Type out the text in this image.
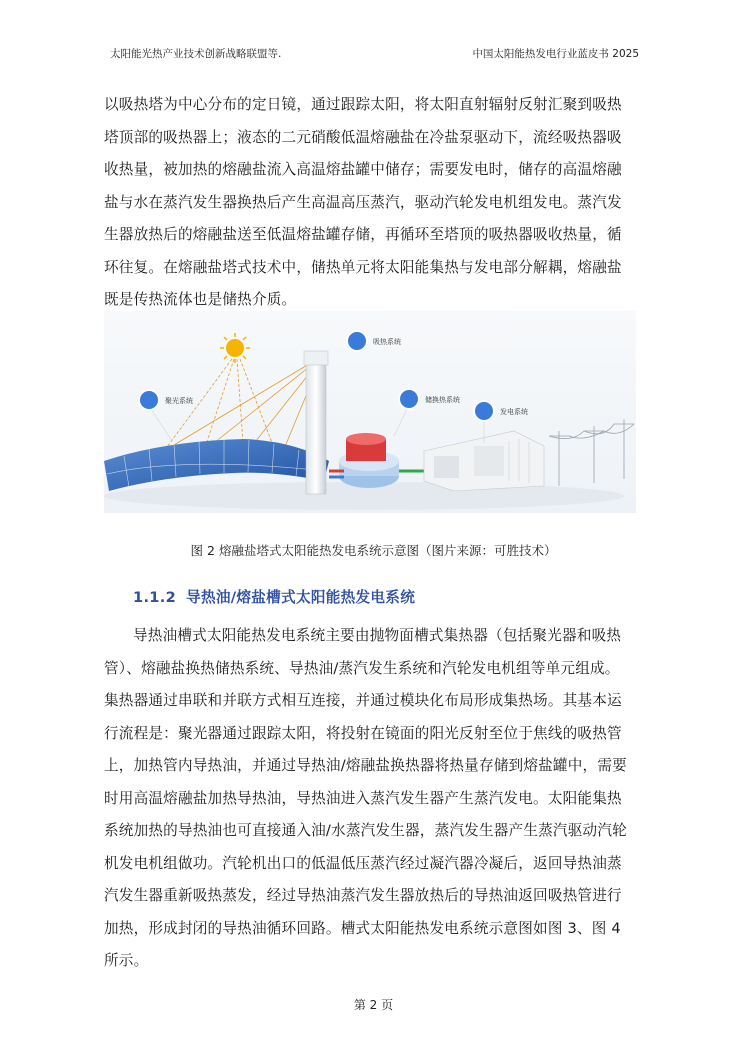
太阳能光热产业技术创新战略联盟等.	中国太阳能热发电行业蓝皮书 2025
以吸热塔为中心分布的定日镜，通过跟踪太阳，将太阳直射辐射反射汇聚到吸热
塔顶部的吸热器上；液态的二元硝酸低温熔融盐在冷盐泵驱动下，流经吸热器吸
收热量，被加热的熔融盐流入高温熔盐罐中储存；需要发电时，储存的高温熔融
盐与水在蒸汽发生器换热后产生高温高压蒸汽，驱动汽轮发电机组发电。蒸汽发
生器放热后的熔融盐送至低温熔盐罐存储，再循环至塔顶的吸热器吸收热量，循
环往复。在熔融盐塔式技术中，储热单元将太阳能集热与发电部分解耦，熔融盐
既是传热流体也是储热介质。
吸热系统
聚光系统	储换热系统
发电系统
图 2 熔融盐塔式太阳能热发电系统示意图（图片来源：可胜技术）
1.1.2 导热油/熔盐槽式太阳能热发电系统
导热油槽式太阳能热发电系统主要由抛物面槽式集热器（包括聚光器和吸热
管）、熔融盐换热储热系统、导热油/蒸汽发生系统和汽轮发电机组等单元组成。
集热器通过串联和并联方式相互连接，并通过模块化布局形成集热场。其基本运
行流程是：聚光器通过跟踪太阳，将投射在镜面的阳光反射至位于焦线的吸热管
上，加热管内导热油，并通过导热油/熔融盐换热器将热量存储到熔盐罐中，需要
时用高温熔融盐加热导热油，导热油进入蒸汽发生器产生蒸汽发电。太阳能集热
系统加热的导热油也可直接通入油/水蒸汽发生器，蒸汽发生器产生蒸汽驱动汽轮
机发电机组做功。汽轮机出口的低温低压蒸汽经过凝汽器冷凝后，返回导热油蒸
汽发生器重新吸热蒸发，经过导热油蒸汽发生器放热后的导热油返回吸热管进行
加热，形成封闭的导热油循环回路。槽式太阳能热发电系统示意图如图 3、图 4
所示。
第 2 页
